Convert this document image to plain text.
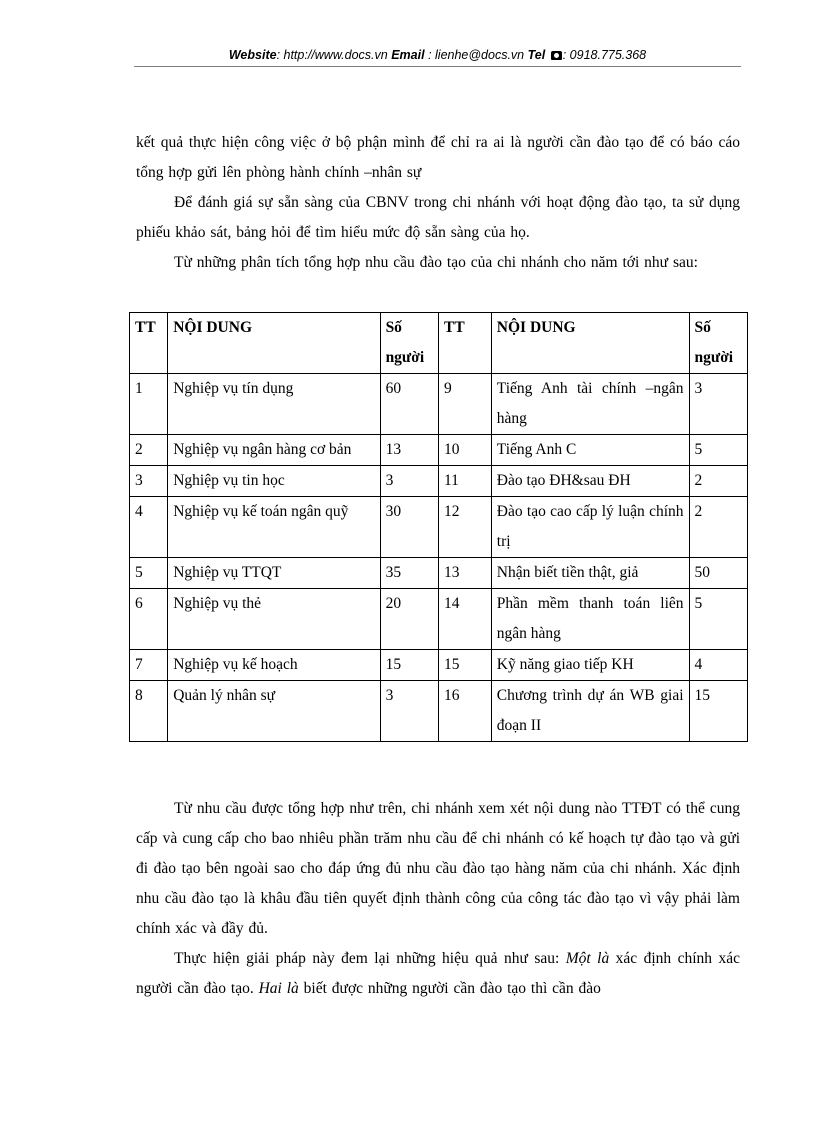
Website: http://www.docs.vn Email : lienhe@docs.vn Tel : 0918.775.368

kết quả thực hiện công việc ở bộ phận mình để chỉ ra ai là người cần đào tạo để có báo cáo tổng hợp gửi lên phòng hành chính –nhân sự

Để đánh giá sự sẵn sàng của CBNV trong chi nhánh với hoạt động đào tạo, ta sử dụng phiếu khảo sát, bảng hỏi để tìm hiểu mức độ sẵn sàng của họ.

Từ những phân tích tổng hợp nhu cầu đào tạo của chi nhánh cho năm tới như sau:

TT	NỘI DUNG	Số người	TT	NỘI DUNG	Số người
1	Nghiệp vụ tín dụng	60	9	Tiếng Anh tài chính –ngân hàng	3
2	Nghiệp vụ ngân hàng cơ bản	13	10	Tiếng Anh C	5
3	Nghiệp vụ tin học	3	11	Đào tạo ĐH&sau ĐH	2
4	Nghiệp vụ kế toán ngân quỹ	30	12	Đào tạo cao cấp lý luận chính trị	2
5	Nghiệp vụ TTQT	35	13	Nhận biết tiền thật, giả	50
6	Nghiệp vụ thẻ	20	14	Phần mềm thanh toán liên ngân hàng	5
7	Nghiệp vụ kế hoạch	15	15	Kỹ năng giao tiếp KH	4
8	Quản lý nhân sự	3	16	Chương trình dự án WB giai đoạn II	15

Từ nhu cầu được tổng hợp như trên, chi nhánh xem xét nội dung nào TTĐT có thể cung cấp và cung cấp cho bao nhiêu phần trăm nhu cầu để chi nhánh có kế hoạch tự đào tạo và gửi đi đào tạo bên ngoài sao cho đáp ứng đủ nhu cầu đào tạo hàng năm của chi nhánh. Xác định nhu cầu đào tạo là khâu đầu tiên quyết định thành công của công tác đào tạo vì vậy phải làm chính xác và đầy đủ.

Thực hiện giải pháp này đem lại những hiệu quả như sau: Một là xác định chính xác người cần đào tạo. Hai là biết được những người cần đào tạo thì cần đào
